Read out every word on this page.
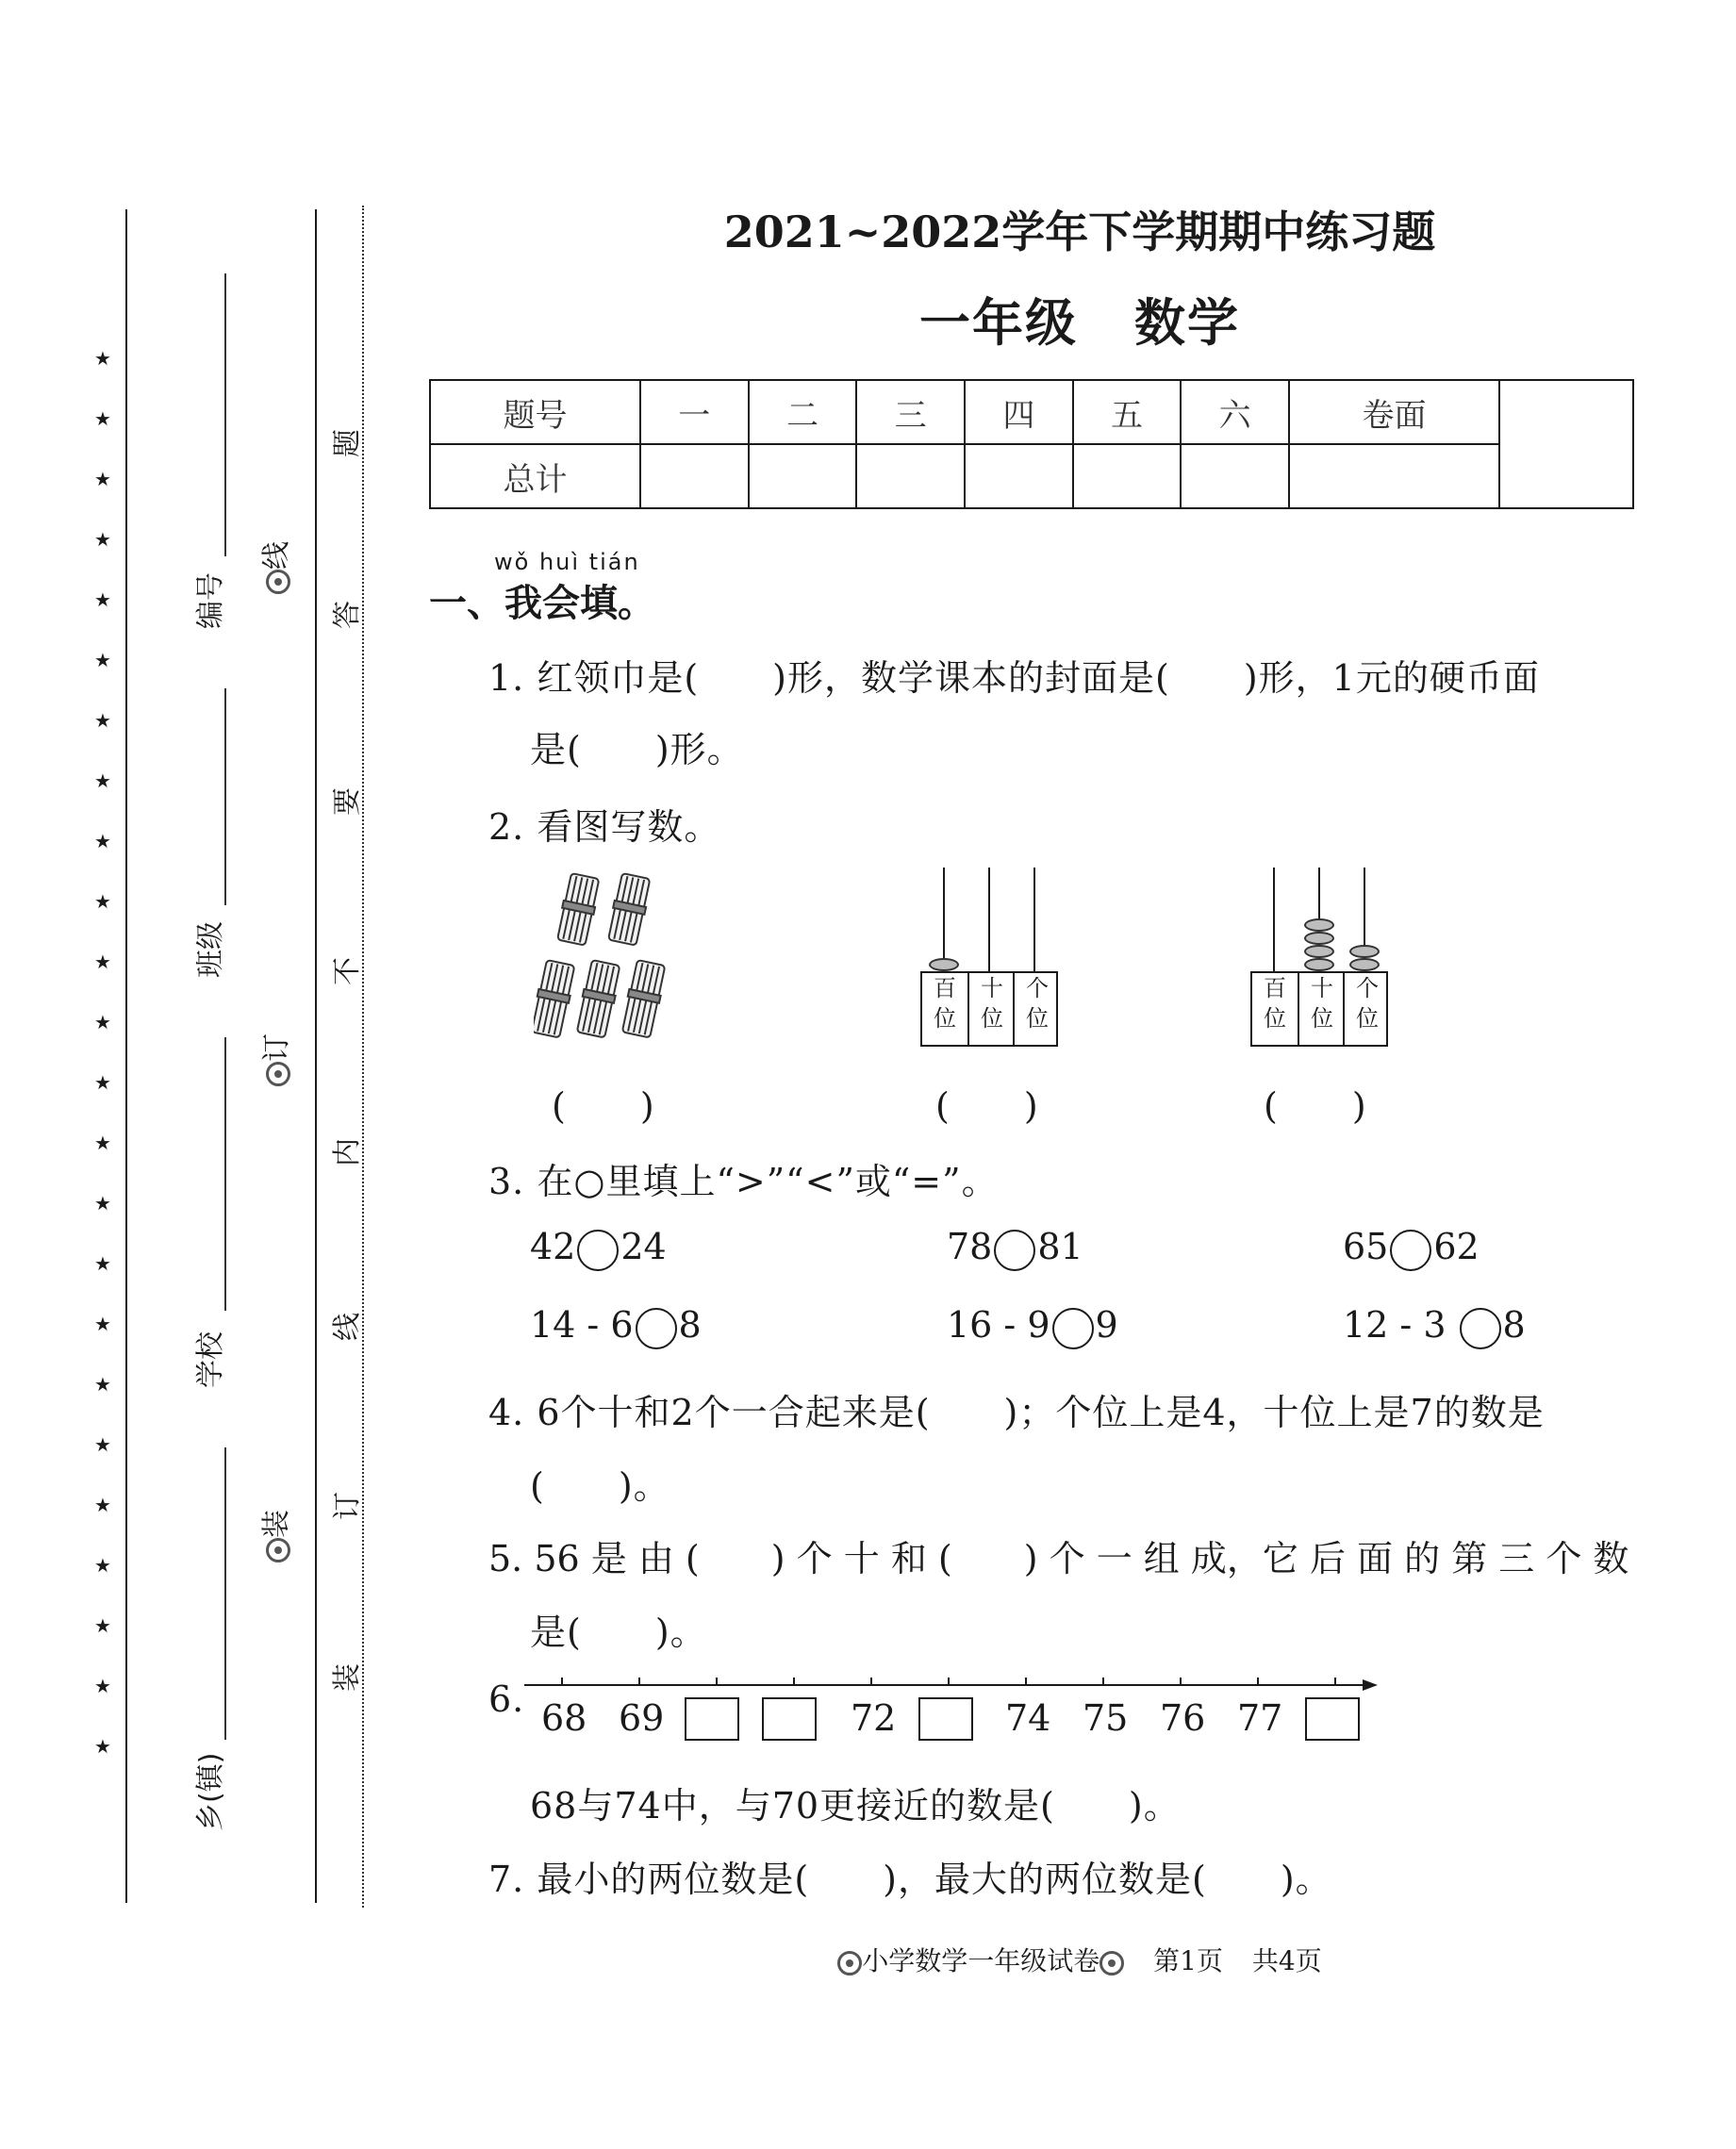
★
★
★
★
★
★
★
★
★
★
★
★
★
★
★
★
★
★
★
★
★
★
★
★
乡(镇)
学校
班级
编号
线
订
装
题
答
要
不
内
线
订
装
2021~2022学年下学期期中练习题
一年级 数学
题号	一	二	三	四	五	六	卷面	
总计								
wǒ huì tián
一、我会填。
1. 红领巾是(　　)形，数学课本的封面是(　　)形，1元的硬币面
是(　　)形。
2. 看图写数。
百
位
十
位
个
位
百
位
十
位
个
位
(　　)	(　　)	(　　)
3. 在○里填上“>”“<”或“=”。
42 24	78 81	65 62
14 - 6 8	16 - 9 9	12 - 3 8
4. 6个十和2个一合起来是(　　)；个位上是4，十位上是7的数是
(　　)。
5. 56 是 由 (　　) 个 十 和 (　　) 个 一 组 成，它 后 面 的 第 三 个 数
是(　　)。
6. 68 69	72	74 75 76 77
68与74中，与70更接近的数是(　　)。
7. 最小的两位数是(　　)，最大的两位数是(　　)。
小学数学一年级试卷 第1页 共4页
